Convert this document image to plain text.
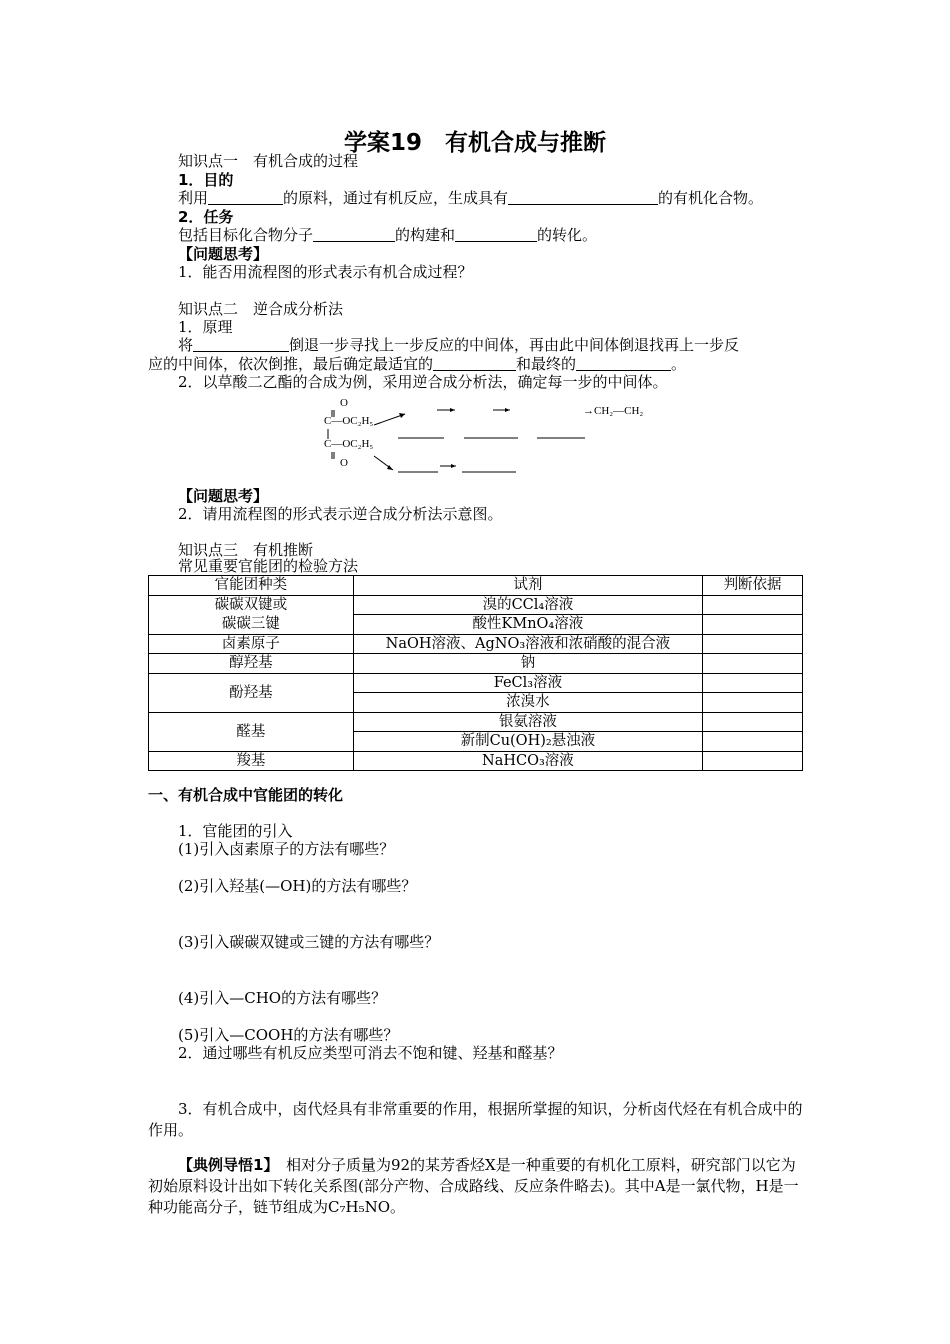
学案19　有机合成与推断
知识点一　有机合成的过程
1．目的
利用	的原料，通过有机反应，生成具有	的有机化合物。
2．任务
包括目标化合物分子	的构建和	的转化。
【问题思考】
1．能否用流程图的形式表示有机合成过程？
知识点二　逆合成分析法
1．原理
将	倒退一步寻找上一步反应的中间体，再由此中间体倒退找再上一步反
应的中间体，依次倒推，最后确定最适宜的	和最终的	。
2．以草酸二乙酯的合成为例，采用逆合成分析法，确定每一步的中间体。
O
C—OC₂H₅
C—OC₂H₅
O
→CH₂—CH₂
【问题思考】
2．请用流程图的形式表示逆合成分析法示意图。
知识点三　有机推断
常见重要官能团的检验方法
官能团种类	试剂	判断依据

碳碳双键或
碳碳三键	溴的CCl₄溶液	
	酸性KMnO₄溶液	
卤素原子	NaOH溶液、AgNO₃溶液和浓硝酸的混合液	
醇羟基	钠	
酚羟基	FeCl₃溶液	
	浓溴水	
醛基	银氨溶液	
	新制Cu(OH)₂悬浊液	
羧基	NaHCO₃溶液	
一、有机合成中官能团的转化
1．官能团的引入
(1)引入卤素原子的方法有哪些？
(2)引入羟基(—OH)的方法有哪些？
(3)引入碳碳双键或三键的方法有哪些？
(4)引入—CHO的方法有哪些？
(5)引入—COOH的方法有哪些？
2．通过哪些有机反应类型可消去不饱和键、羟基和醛基？
3．有机合成中，卤代烃具有非常重要的作用，根据所掌握的知识，分析卤代烃在有机合成中的作用。
【典例导悟1】　 相对分子质量为92的某芳香烃X是一种重要的有机化工原料，研究部门以它为初始原料设计出如下转化关系图(部分产物、合成路线、反应条件略去)。其中A是一氯代物，H是一种功能高分子，链节组成为C₇H₅NO。
